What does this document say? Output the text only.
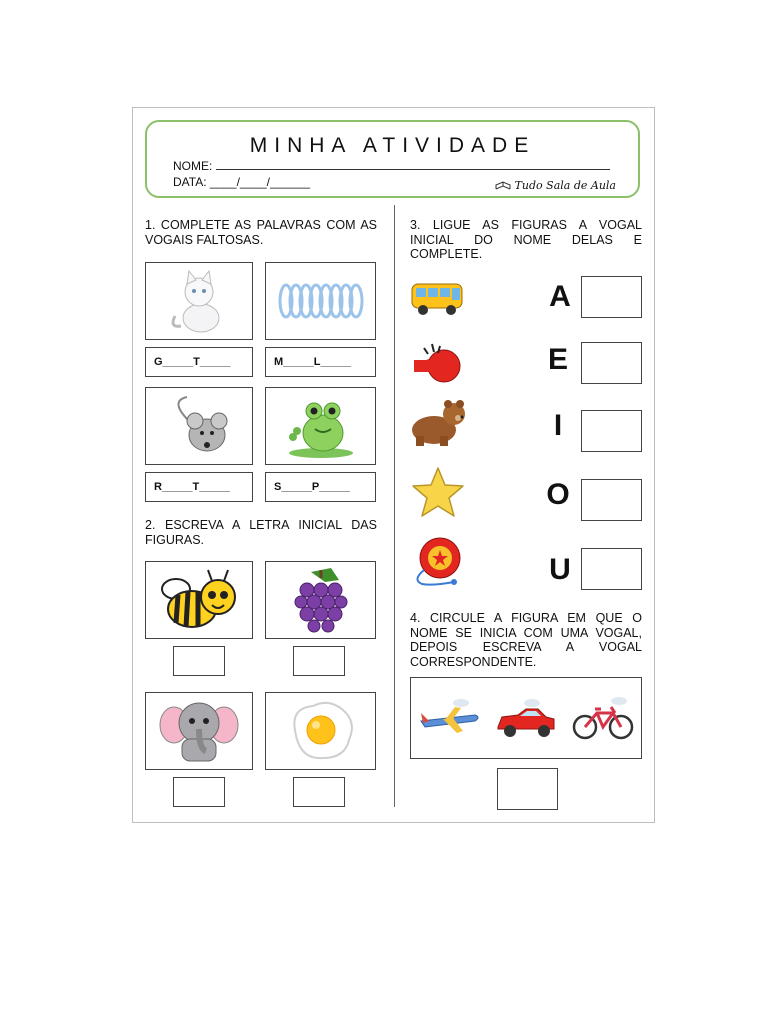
MINHA ATIVIDADE
NOME:
DATA: ____/____/______	Tudo Sala de Aula
1. COMPLETE AS PALAVRAS COM AS VOGAIS FALTOSAS.
G_____T_____	M_____L_____
R_____T_____	S_____P_____
2. ESCREVA A LETRA INICIAL DAS FIGURAS.
3. LIGUE AS FIGURAS A VOGAL INICIAL DO NOME DELAS E COMPLETE.
A
E
I
O
U
4. CIRCULE A FIGURA EM QUE O NOME SE INICIA COM UMA VOGAL, DEPOIS ESCREVA A VOGAL CORRESPONDENTE.
